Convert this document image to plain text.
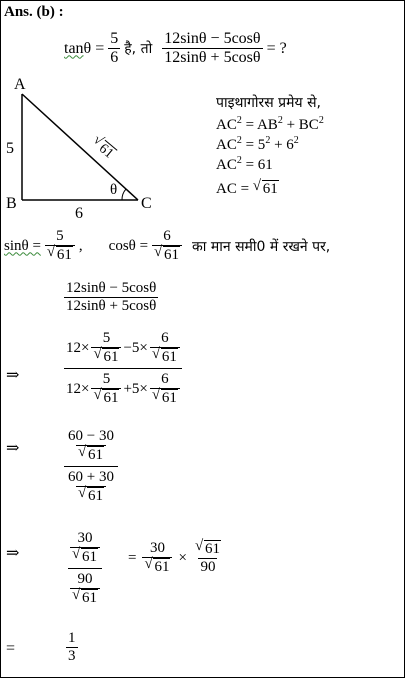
Ans. (b) :
$\tan\theta = \frac{5}{6}$ है, तो $\frac{12\sin\theta - 5\cos\theta}{12\sin\theta + 5\cos\theta}$ = ?
A
B	C
5
6
√
61
θ
पाइथागोरस प्रमेय से,
$AC^2 = AB^2 + BC^2$
$AC^2 = 5^2 + 6^2$
$AC^2 = 61$
AC = √ 61
$\sin\theta = \frac{5}{√ 61}$ , $\cos\theta = \frac{6}{√ 61}$ का मान समी0 में रखने पर,
$\frac{12\sin\theta - 5\cos\theta}{12\sin\theta + 5\cos\theta}$
⇒	$\frac{12\times \frac{5}{√ 61} -5\times \frac{6}{√ 61}}{12\times \frac{5}{√ 61} +5\times \frac{6}{√ 61}}$
⇒	$\frac{\frac{60 - 30}{√ 61}}{\frac{60 + 30}{√ 61}}$
⇒	$\frac{\frac{30}{√ 61}}{\frac{90}{√ 61}} = \frac{30}{√ 61} \times \frac{√ 61}{90}$
=	$\frac{1}{3}$
